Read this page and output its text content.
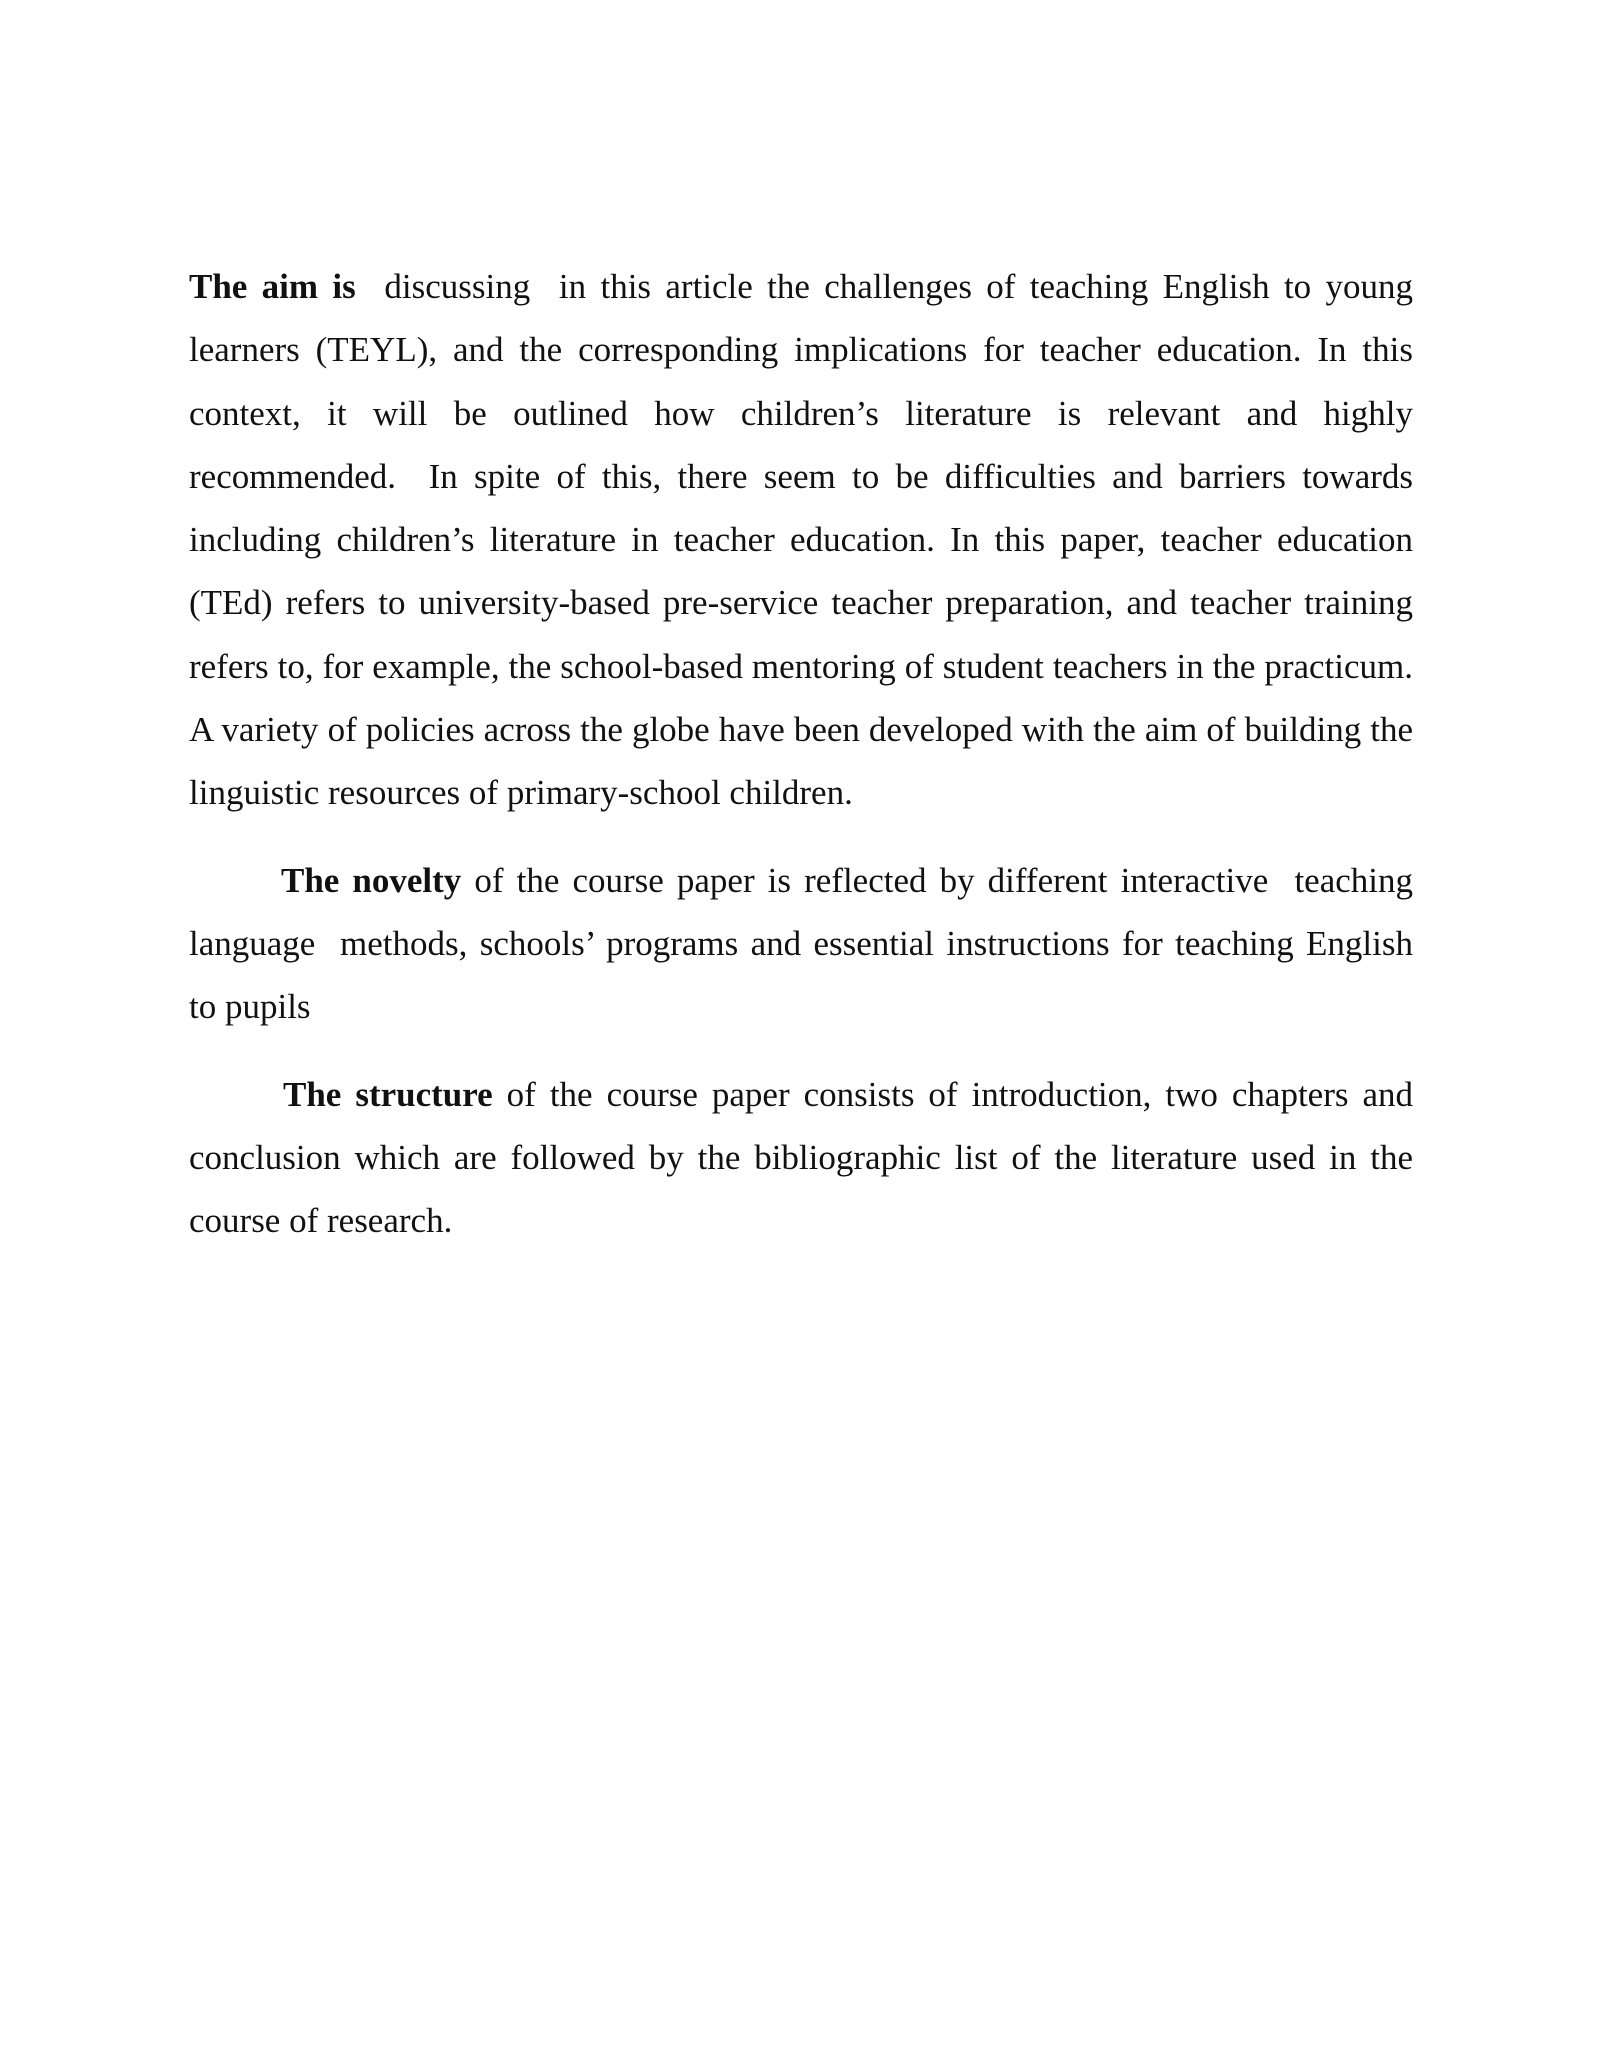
The aim is  discussing  in this article the challenges of teaching English to young learners (TEYL), and the corresponding implications for teacher education. In this context, it will be outlined how children’s literature is relevant and highly recommended.  In spite of this, there seem to be difficulties and barriers towards including children’s literature in teacher education. In this paper, teacher education (TEd) refers to university-based pre-service teacher preparation, and teacher training refers to, for example, the school-based mentoring of student teachers in the practicum. A variety of policies across the globe have been developed with the aim of building the linguistic resources of primary-school children.

The novelty of the course paper is reflected by different interactive  teaching language  methods, schools’ programs and essential instructions for teaching English to pupils

The structure of the course paper consists of introduction, two chapters and conclusion which are followed by the bibliographic list of the literature used in the course of research.
